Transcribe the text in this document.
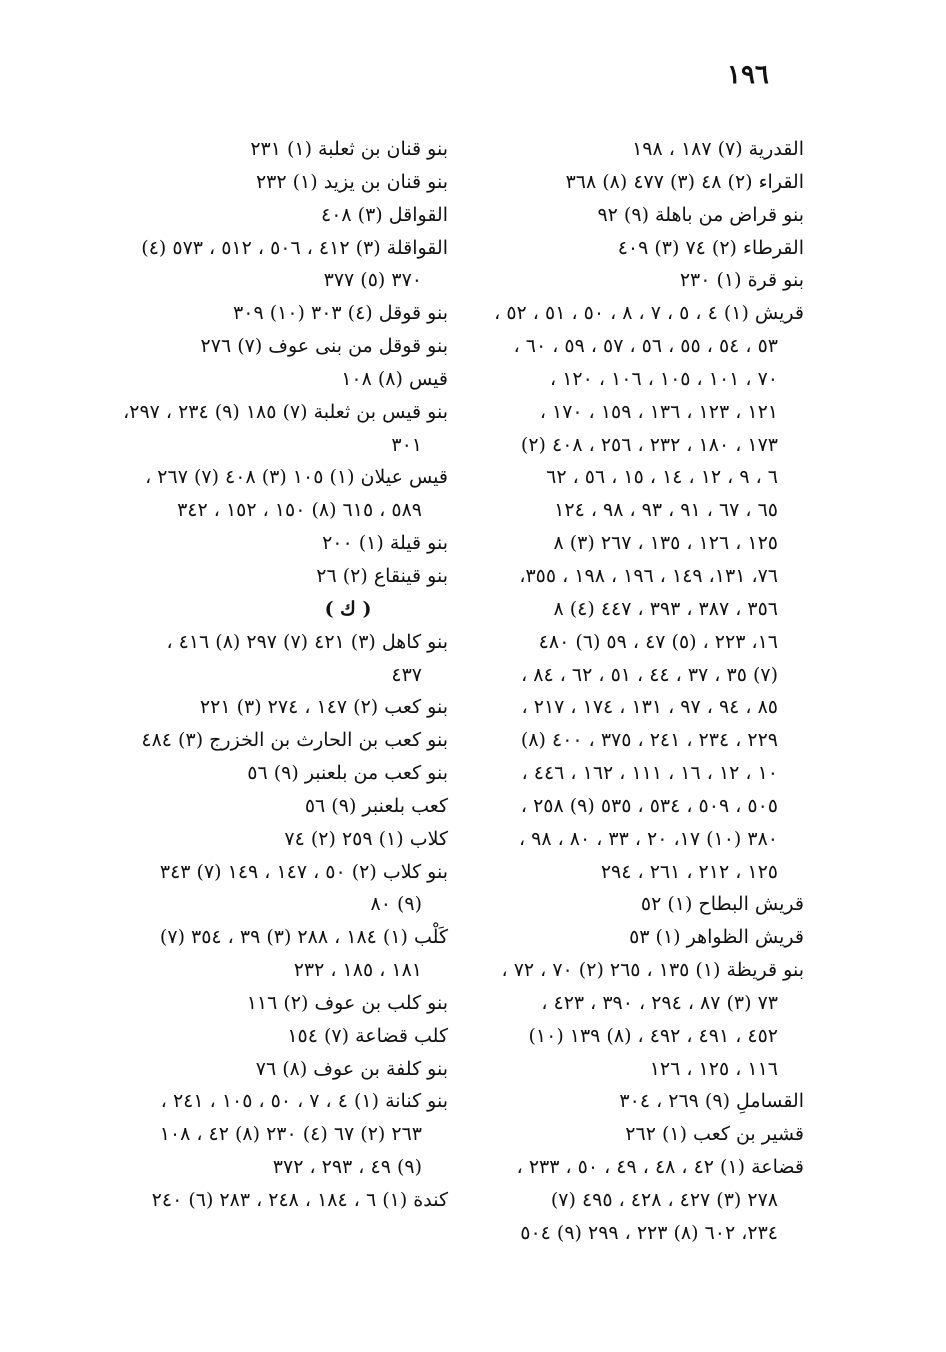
١٩٦
القدرية (٧) ١٨٧ ، ١٩٨
القراء (٢) ٤٨ (٣) ٤٧٧ (٨) ٣٦٨
بنو قراض من باهلة (٩) ٩٢
القرطاء (٢) ٧٤ (٣) ٤٠٩
بنو قرة (١) ٢٣٠
قريش (١) ٤ ، ٥ ، ٧ ، ٨ ، ٥٠ ، ٥١ ، ٥٢ ،
٥٣ ، ٥٤ ، ٥٥ ، ٥٦ ، ٥٧ ، ٥٩ ، ٦٠ ،
٧٠ ، ١٠١ ، ١٠٥ ، ١٠٦ ، ١٢٠ ،
١٢١ ، ١٢٣ ، ١٣٦ ، ١٥٩ ، ١٧٠ ،
١٧٣ ، ١٨٠ ، ٢٣٢ ، ٢٥٦ ، ٤٠٨ (٢)
٦ ، ٩ ، ١٢ ، ١٤ ، ١٥ ، ٥٦ ، ٦٢
٦٥ ، ٦٧ ، ٩١ ، ٩٣ ، ٩٨ ، ١٢٤
١٢٥ ، ١٢٦ ، ١٣٥ ، ٢٦٧ (٣) ٨
٧٦، ١٣١، ١٤٩ ، ١٩٦ ، ١٩٨ ، ٣٥٥،
٣٥٦ ، ٣٨٧ ، ٣٩٣ ، ٤٤٧ (٤) ٨
١٦، ٢٢٣ ، (٥) ٤٧ ، ٥٩ (٦) ٤٨٠
(٧) ٣٥ ، ٣٧ ، ٤٤ ، ٥١ ، ٦٢ ، ٨٤ ،
٨٥ ، ٩٤ ، ٩٧ ، ١٣١ ، ١٧٤ ، ٢١٧ ،
٢٢٩ ، ٢٣٤ ، ٢٤١ ، ٣٧٥ ، ٤٠٠ (٨)
١٠ ، ١٢ ، ١٦ ، ١١١ ، ١٦٢ ، ٤٤٦ ،
٥٠٥ ، ٥٠٩ ، ٥٣٤ ، ٥٣٥ (٩) ٢٥٨ ،
٣٨٠ (١٠) ١٧، ٢٠ ، ٣٣ ، ٨٠ ، ٩٨ ،
١٢٥ ، ٢١٢ ، ٢٦١ ، ٢٩٤
قريش البطاح (١) ٥٢
قريش الظواهر (١) ٥٣
بنو قريظة (١) ١٣٥ ، ٢٦٥ (٢) ٧٠ ، ٧٢ ،
٧٣ (٣) ٨٧ ، ٢٩٤ ، ٣٩٠ ، ٤٢٣ ،
٤٥٢ ، ٤٩١ ، ٤٩٢ ، (٨) ١٣٩ (١٠)
١١٦ ، ١٢٥ ، ١٢٦
القساملِ (٩) ٢٦٩ ، ٣٠٤
قشير بن كعب (١) ٢٦٢
قضاعة (١) ٤٢ ، ٤٨ ، ٤٩ ، ٥٠ ، ٢٣٣ ،
٢٧٨ (٣) ٤٢٧ ، ٤٢٨ ، ٤٩٥ (٧)
٢٣٤، ٦٠٢ (٨) ٢٢٣ ، ٢٩٩ (٩) ٥٠٤
بنو قنان بن ثعلبة (١) ٢٣١
بنو قنان بن يزيد (١) ٢٣٢
القواقل (٣) ٤٠٨
القواقلة (٣) ٤١٢ ، ٥٠٦ ، ٥١٢ ، ٥٧٣ (٤)
٣٧٠ (٥) ٣٧٧
بنو قوقل (٤) ٣٠٣ (١٠) ٣٠٩
بنو قوقل من بنى عوف (٧) ٢٧٦
قيس (٨) ١٠٨
بنو قيس بن ثعلبة (٧) ١٨٥ (٩) ٢٣٤ ، ٢٩٧،
٣٠١
قيس عيلان (١) ١٠٥ (٣) ٤٠٨ (٧) ٢٦٧ ،
٥٨٩ ، ٦١٥ (٨) ١٥٠ ، ١٥٢ ، ٣٤٢
بنو قيلة (١) ٢٠٠
بنو قينقاع (٢) ٢٦
( ك )
بنو كاهل (٣) ٤٢١ (٧) ٢٩٧ (٨) ٤١٦ ،
٤٣٧
بنو كعب (٢) ١٤٧ ، ٢٧٤ (٣) ٢٢١
بنو كعب بن الحارث بن الخزرج (٣) ٤٨٤
بنو كعب من بلعنبر (٩) ٥٦
كعب بلعنبر (٩) ٥٦
كلاب (١) ٢٥٩ (٢) ٧٤
بنو كلاب (٢) ٥٠ ، ١٤٧ ، ١٤٩ (٧) ٣٤٣
(٩) ٨٠
كَلْب (١) ١٨٤ ، ٢٨٨ (٣) ٣٩ ، ٣٥٤ (٧)
١٨١ ، ١٨٥ ، ٢٣٢
بنو كلب بن عوف (٢) ١١٦
كلب قضاعة (٧) ١٥٤
بنو كلفة بن عوف (٨) ٧٦
بنو كنانة (١) ٤ ، ٧ ، ٥٠ ، ١٠٥ ، ٢٤١ ،
٢٦٣ (٢) ٦٧ (٤) ٢٣٠ (٨) ٤٢ ، ١٠٨
(٩) ٤٩ ، ٢٩٣ ، ٣٧٢
كندة (١) ٦ ، ١٨٤ ، ٢٤٨ ، ٢٨٣ (٦) ٢٤٠
